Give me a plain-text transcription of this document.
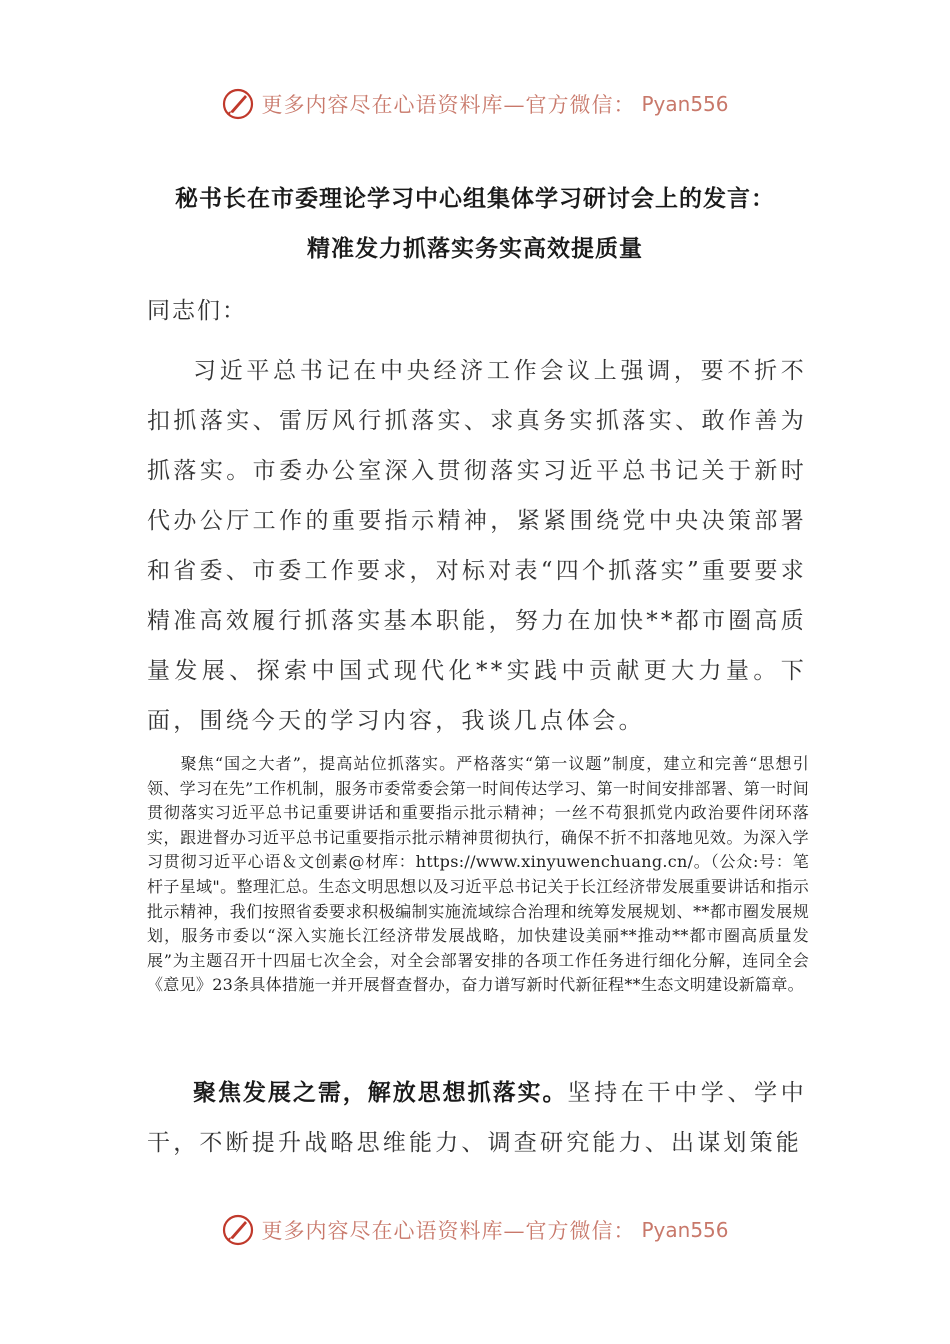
更多内容尽在心语资料库—官方微信： Pyan556
秘书长在市委理论学习中心组集体学习研讨会上的发言：
精准发力抓落实务实高效提质量
同志们：

习近平总书记在中央经济工作会议上强调，要不折不扣抓落实、雷厉风行抓落实、求真务实抓落实、敢作善为抓落实。市委办公室深入贯彻落实习近平总书记关于新时代办公厅工作的重要指示精神，紧紧围绕党中央决策部署和省委、市委工作要求，对标对表“四个抓落实”重要要求精准高效履行抓落实基本职能，努力在加快**都市圈高质量发展、探索中国式现代化**实践中贡献更大力量。下面，围绕今天的学习内容，我谈几点体会。

聚焦“国之大者”，提高站位抓落实。严格落实“第一议题”制度，建立和完善“思想引领、学习在先”工作机制，服务市委常委会第一时间传达学习、第一时间安排部署、第一时间贯彻落实习近平总书记重要讲话和重要指示批示精神；一丝不苟狠抓党内政治要件闭环落实，跟进督办习近平总书记重要指示批示精神贯彻执行，确保不折不扣落地见效。为深入学习贯彻习近平心语＆文创素@材库：https://www.xinyuwenchuang.cn/。（公众:号：笔杆子星域"。整理汇总。生态文明思想以及习近平总书记关于长江经济带发展重要讲话和指示批示精神，我们按照省委要求积极编制实施流域综合治理和统筹发展规划、**都市圈发展规划，服务市委以“深入实施长江经济带发展战略，加快建设美丽**推动**都市圈高质量发展”为主题召开十四届七次全会，对全会部署安排的各项工作任务进行细化分解，连同全会《意见》23条具体措施一并开展督查督办，奋力谱写新时代新征程**生态文明建设新篇章。

聚焦发展之需，解放思想抓落实。坚持在干中学、学中干，不断提升战略思维能力、调查研究能力、出谋划策能

更多内容尽在心语资料库—官方微信： Pyan556
